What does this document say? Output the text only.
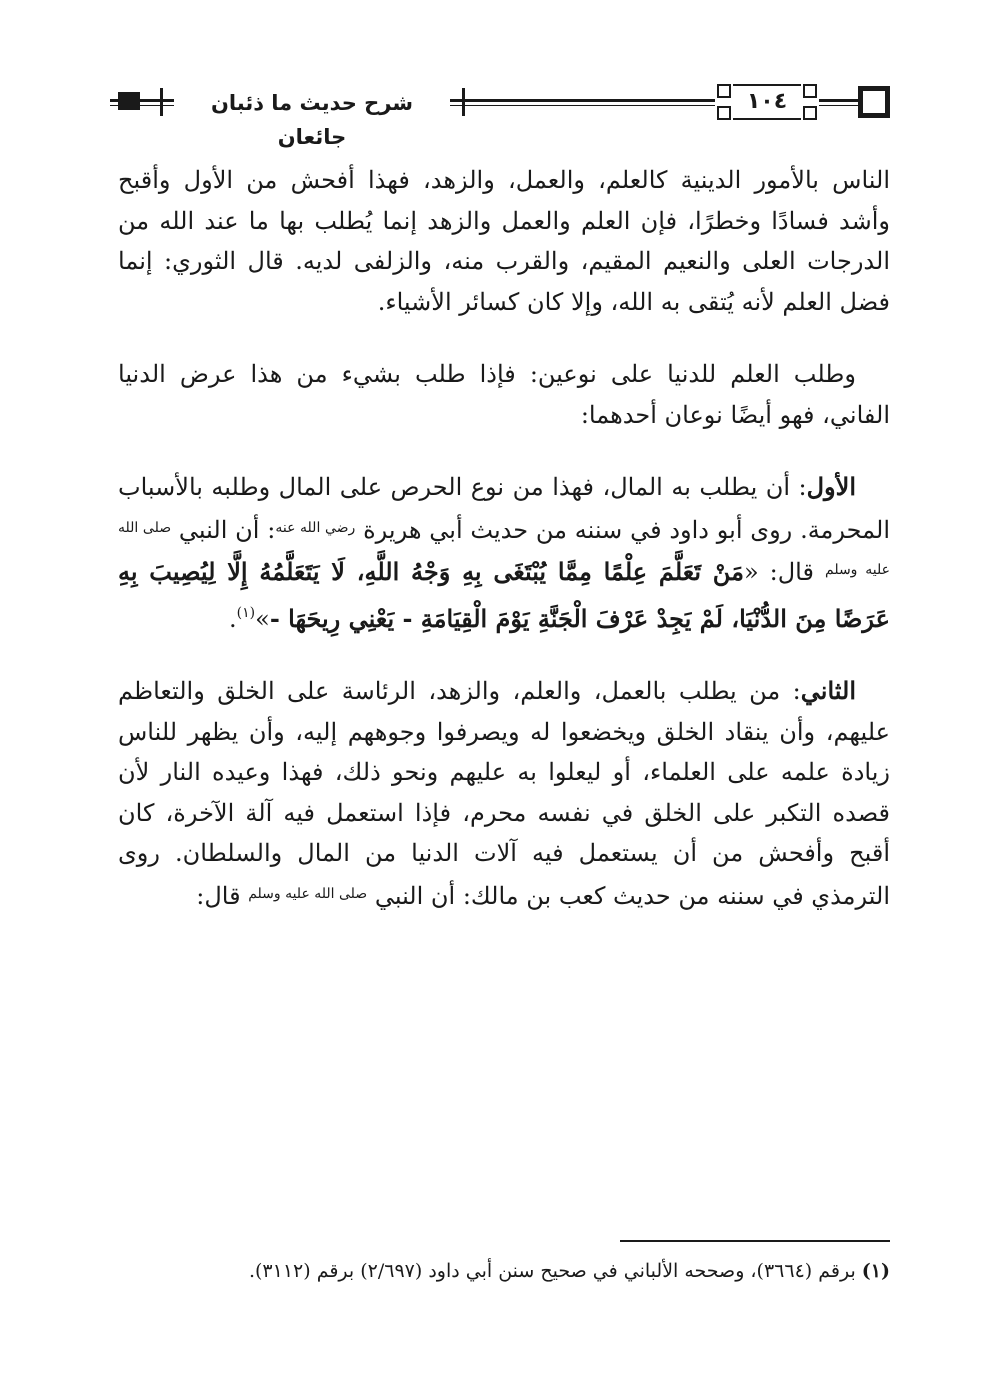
شرح حديث ما ذئبان جائعان
١٠٤

الناس بالأمور الدينية كالعلم، والعمل، والزهد، فهذا أفحش من الأول وأقبح وأشد فسادًا وخطرًا، فإن العلم والعمل والزهد إنما يُطلب بها ما عند الله من الدرجات العلى والنعيم المقيم، والقرب منه، والزلفى لديه. قال الثوري: إنما فضل العلم لأنه يُتقى به الله، وإلا كان كسائر الأشياء.

وطلب العلم للدنيا على نوعين: فإذا طلب بشيء من هذا عرض الدنيا الفاني، فهو أيضًا نوعان أحدهما:

الأول: أن يطلب به المال، فهذا من نوع الحرص على المال وطلبه بالأسباب المحرمة. روى أبو داود في سننه من حديث أبي هريرة $^{رضي الله عنه}$: أن النبي $^{صلى الله عليه وسلم}$ قال: «مَنْ تَعَلَّمَ عِلْمًا مِمَّا يُبْتَغَى بِهِ وَجْهُ اللَّهِ، لَا يَتَعَلَّمُهُ إِلَّا لِيُصِيبَ بِهِ عَرَضًا مِنَ الدُّنْيَا، لَمْ يَجِدْ عَرْفَ الْجَنَّةِ يَوْمَ الْقِيَامَةِ - يَعْنِي رِيحَهَا -»$^{(١)}$.

الثاني: من يطلب بالعمل، والعلم، والزهد، الرئاسة على الخلق والتعاظم عليهم، وأن ينقاد الخلق ويخضعوا له ويصرفوا وجوههم إليه، وأن يظهر للناس زيادة علمه على العلماء، أو ليعلوا به عليهم ونحو ذلك، فهذا وعيده النار لأن قصده التكبر على الخلق في نفسه محرم، فإذا استعمل فيه آلة الآخرة، كان أقبح وأفحش من أن يستعمل فيه آلات الدنيا من المال والسلطان. روى الترمذي في سننه من حديث كعب بن مالك: أن النبي $^{صلى الله عليه وسلم}$ قال:

(١) برقم (٣٦٦٤)، وصححه الألباني في صحيح سنن أبي داود (٢/٦٩٧) برقم (٣١١٢).
